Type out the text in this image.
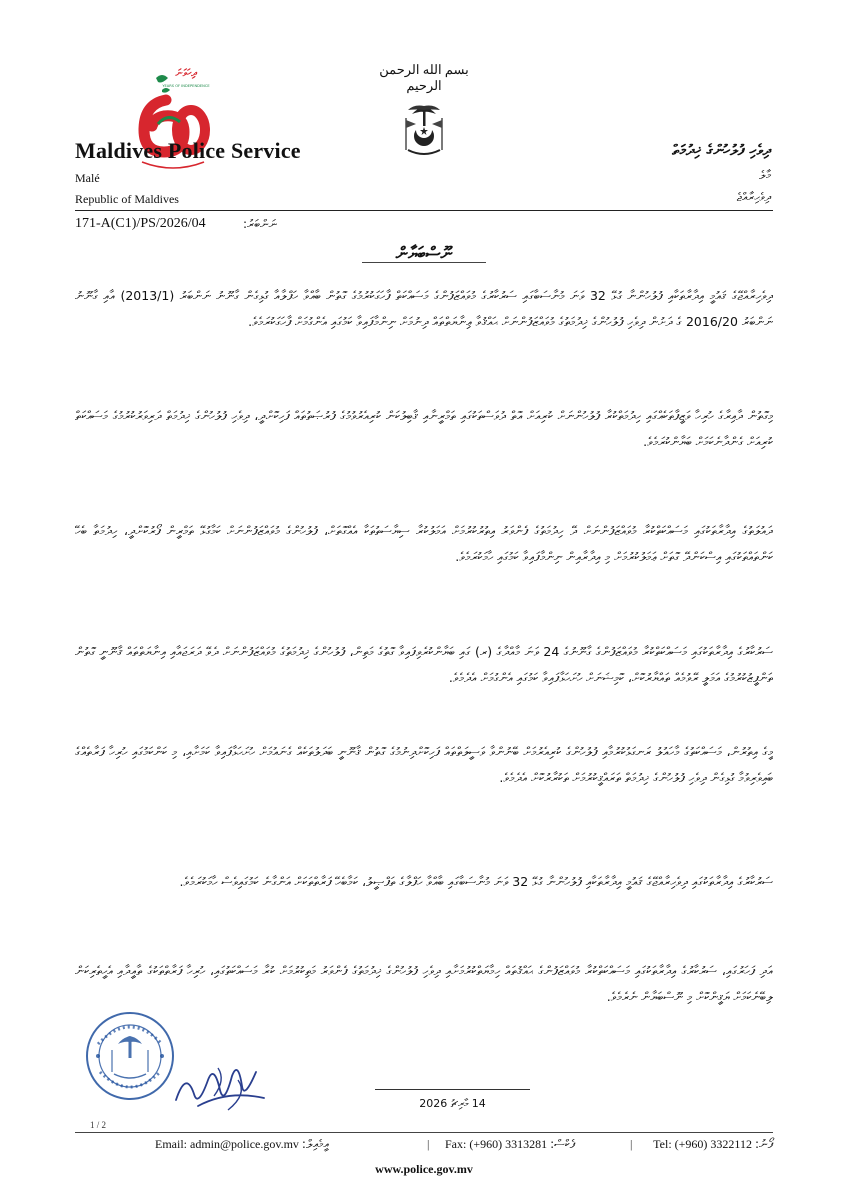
بسم الله الرحمن الرحيم
ދިހަވަނަ
YEARS OF INDEPENDENCE
60
Maldives Police Service
Malé
Republic of Maldives
ދިވެހި ފުލުހުންގެ ޚިދުމަތް
މާލެ
ދިވެހިރާއްޖެ
171-A(C1)/PS/2026/04	ނަންބަރު:
ނޫސްބަޔާން

ދިވެހިރާއްޖޭގެ ޤައުމީ އިދާރާތަކާއި ފުލުހުންނާ ގުޅޭ 32 ވަނަ މުނާސަބާގައި ސަރުކާރުގެ މުވައްޒަފުންގެ މަސައްކަތް ފާހަގަކުރުމުގެ ގޮތުން ބާއްވާ ހަފްލާއާ ގުޅިގެން ގާނޫނު ނަންބަރު (2013/1) އާއި ގާނޫނު ނަންބަރު 2016/20 ގެ ދަށުން ދިވެހި ފުލުހުންގެ ޚިދުމަތުގެ މުވައްޒަފުންނަށް ޙައްޤުވާ ޢިނާޔަތްތައް ދިނުމަށް ނިންމާފައިވާ ކަމުގައި އެންގުމަށް ފާހަގަކުރަމެވެ.

މިގޮތުން ދާއިރާގެ ހުރިހާ ވަޒީފާތަކެއްގައި ހިދުމަތްކުރާ ފުލުހުންނަށް ކުރިއަށް އޮތް ދުވަސްތަކުގައި ތަމްރީނާއި ޤާބިލުކަން ކުރިއެރުވުމުގެ ފުރުޞަތުތައް ފަހިކޮށްދީ، ދިވެހި ފުލުހުންގެ ޚިދުމަތް ދަރިވަރުކުރުމުގެ މަސައްކަތް ކުރިއަށް ގެންދާނެކަމަށް ބަޔާންކުރަމެވެ.

ދައުލަތުގެ އިދާރާތަކުގައި މަސައްކަތްކުރާ މުވައްޒަފުންނަށް ދޭ ހިދުމަތުގެ ފެންވަރު އިތުރުކުރުމަށް އަމަލުކުރާ ސިޔާސަތުތަކާ އެއްގޮތަށް، ފުލުހުންގެ މުވައްޒަފުންނަށް ކަމާގުޅޭ ތަމްރީން ފޯރުކޮށްދީ، ހިދުމަތާ ބެހޭ ކަންތައްތަކުގައި އިސްކަންދޭ ގޮތަށް ޢަމަލުކުރުމަށް މި އިދާރާއިން ނިންމާފައިވާ ކަމުގައި ހާމަކުރަމެވެ.

ސަރުކާރުގެ އިދާރާތަކުގައި މަސައްކަތްކުރާ މުވައްޒަފުންގެ ގާނޫނުގެ 24 ވަނަ މާއްދާގެ (ރ) ގައި ބަޔާންކުރެވިފައިވާ ގޮތުގެ މަތިން، ފުލުހުންގެ ޚިދުމަތުގެ މުވައްޒަފުންނަށް ދެވޭ ދަރަޖައާއި އިނާޔަތްތައް ޤާނޫނީ ގޮތުން ތަންފީޒުކުރުމުގެ އަމަލީ ރޭވުމެއް ތައްޔާރުކޮށް، ކޮމިޝަނަށް ހުށަހަޅާފައިވާ ކަމުގައި އެންގުމަށް އެދެމެވެ.

މީގެ އިތުރުން، މަސައްކަތުގެ މާހައުލު ރަނގަޅުކުރުމާއި ފުލުހުންގެ ކުރިއެރުމަށް ބޭނުންވާ ވަސީލަތްތައް ފަހިކޮށްދިނުމުގެ ގޮތުން ޤާނޫނީ ބަދަލުތަކެއް ގެނައުމަށް ހުށަހަޅާފައިވާ ކަމަށާއި، މި ކަންކަމުގައި ހުރިހާ ފަރާތެއްގެ ބައިވެރިވުމާ ގުޅިގެން ދިވެހި ފުލުހުންގެ ޚިދުމަތް ތަރައްޤީކުރުމަށް ތަކުރާރުކޮށް އެދެމެވެ.

ސަރުކާރުގެ އިދާރާތަކުގައި ދިވެހިރާއްޖޭގެ ޤައުމީ އިދާރާތަކާއި ފުލުހުންނާ ގުޅޭ 32 ވަނަ މުނާސަބާގައި ބާއްވާ ހަފްލާގެ ތަފްޞީލު، ކަމާބެހޭ ފަރާތްތަކަށް އަންގާނެ ކަމުގައިވެސް ހާމަކުރަމެވެ.

އަދި ފަހަރުގައި، ސަރުކާރުގެ އިދާރާތަކުގައި މަސައްކަތްކުރާ މުވައްޒަފުންގެ ޙައްޤުތައް ހިމާޔަތްކުރުމަށާއި ދިވެހި ފުލުހުންގެ ޚިދުމަތުގެ ފެންވަރު މަތިކުރުމަށް ކުރާ މަސައްކަތުގައި، ހުރިހާ ފަރާތްތަކުގެ ތާއީދާއި އެހީތެރިކަން ލިބޭނެކަމަށް ޔަޤީންކޮށް މި ނޫސްބަޔާން ނެރެމެވެ.

14 މާރިޗު 2026
1 / 2
Email: admin@police.gov.mv އީމެއިލް:	| Fax: (+960) 3313281 ފެކްސް:	| Tel: (+960) 3322112 ފޯނު:
www.police.gov.mv
